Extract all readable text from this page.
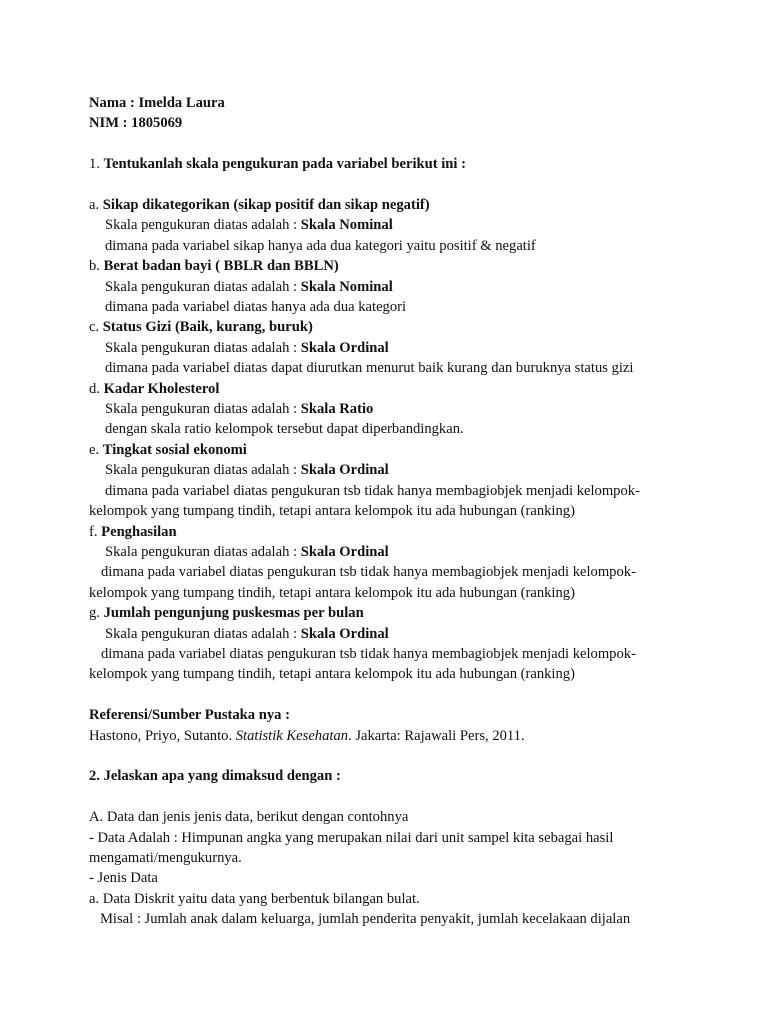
Nama : Imelda Laura
NIM : 1805069
1. Tentukanlah skala pengukuran pada variabel berikut ini :
a. Sikap dikategorikan (sikap positif dan sikap negatif)
Skala pengukuran diatas adalah : Skala Nominal
dimana pada variabel sikap hanya ada dua kategori yaitu positif & negatif
b. Berat badan bayi ( BBLR dan BBLN)
Skala pengukuran diatas adalah : Skala Nominal
dimana pada variabel diatas hanya ada dua kategori
c. Status Gizi (Baik, kurang, buruk)
Skala pengukuran diatas adalah : Skala Ordinal
dimana pada variabel diatas dapat diurutkan menurut baik kurang dan buruknya status gizi
d. Kadar Kholesterol
Skala pengukuran diatas adalah : Skala Ratio
dengan skala ratio kelompok tersebut dapat diperbandingkan.
e. Tingkat sosial ekonomi
Skala pengukuran diatas adalah : Skala Ordinal
dimana pada variabel diatas pengukuran tsb tidak hanya membagiobjek menjadi kelompok-
kelompok yang tumpang tindih, tetapi antara kelompok itu ada hubungan (ranking)
f. Penghasilan
Skala pengukuran diatas adalah : Skala Ordinal
dimana pada variabel diatas pengukuran tsb tidak hanya membagiobjek menjadi kelompok-
kelompok yang tumpang tindih, tetapi antara kelompok itu ada hubungan (ranking)
g. Jumlah pengunjung puskesmas per bulan
Skala pengukuran diatas adalah : Skala Ordinal
dimana pada variabel diatas pengukuran tsb tidak hanya membagiobjek menjadi kelompok-
kelompok yang tumpang tindih, tetapi antara kelompok itu ada hubungan (ranking)
Referensi/Sumber Pustaka nya :
Hastono, Priyo, Sutanto. Statistik Kesehatan. Jakarta: Rajawali Pers, 2011.
2. Jelaskan apa yang dimaksud dengan :
A. Data dan jenis jenis data, berikut dengan contohnya
- Data Adalah : Himpunan angka yang merupakan nilai dari unit sampel kita sebagai hasil
mengamati/mengukurnya.
- Jenis Data
a. Data Diskrit yaitu data yang berbentuk bilangan bulat.
Misal : Jumlah anak dalam keluarga, jumlah penderita penyakit, jumlah kecelakaan dijalan
